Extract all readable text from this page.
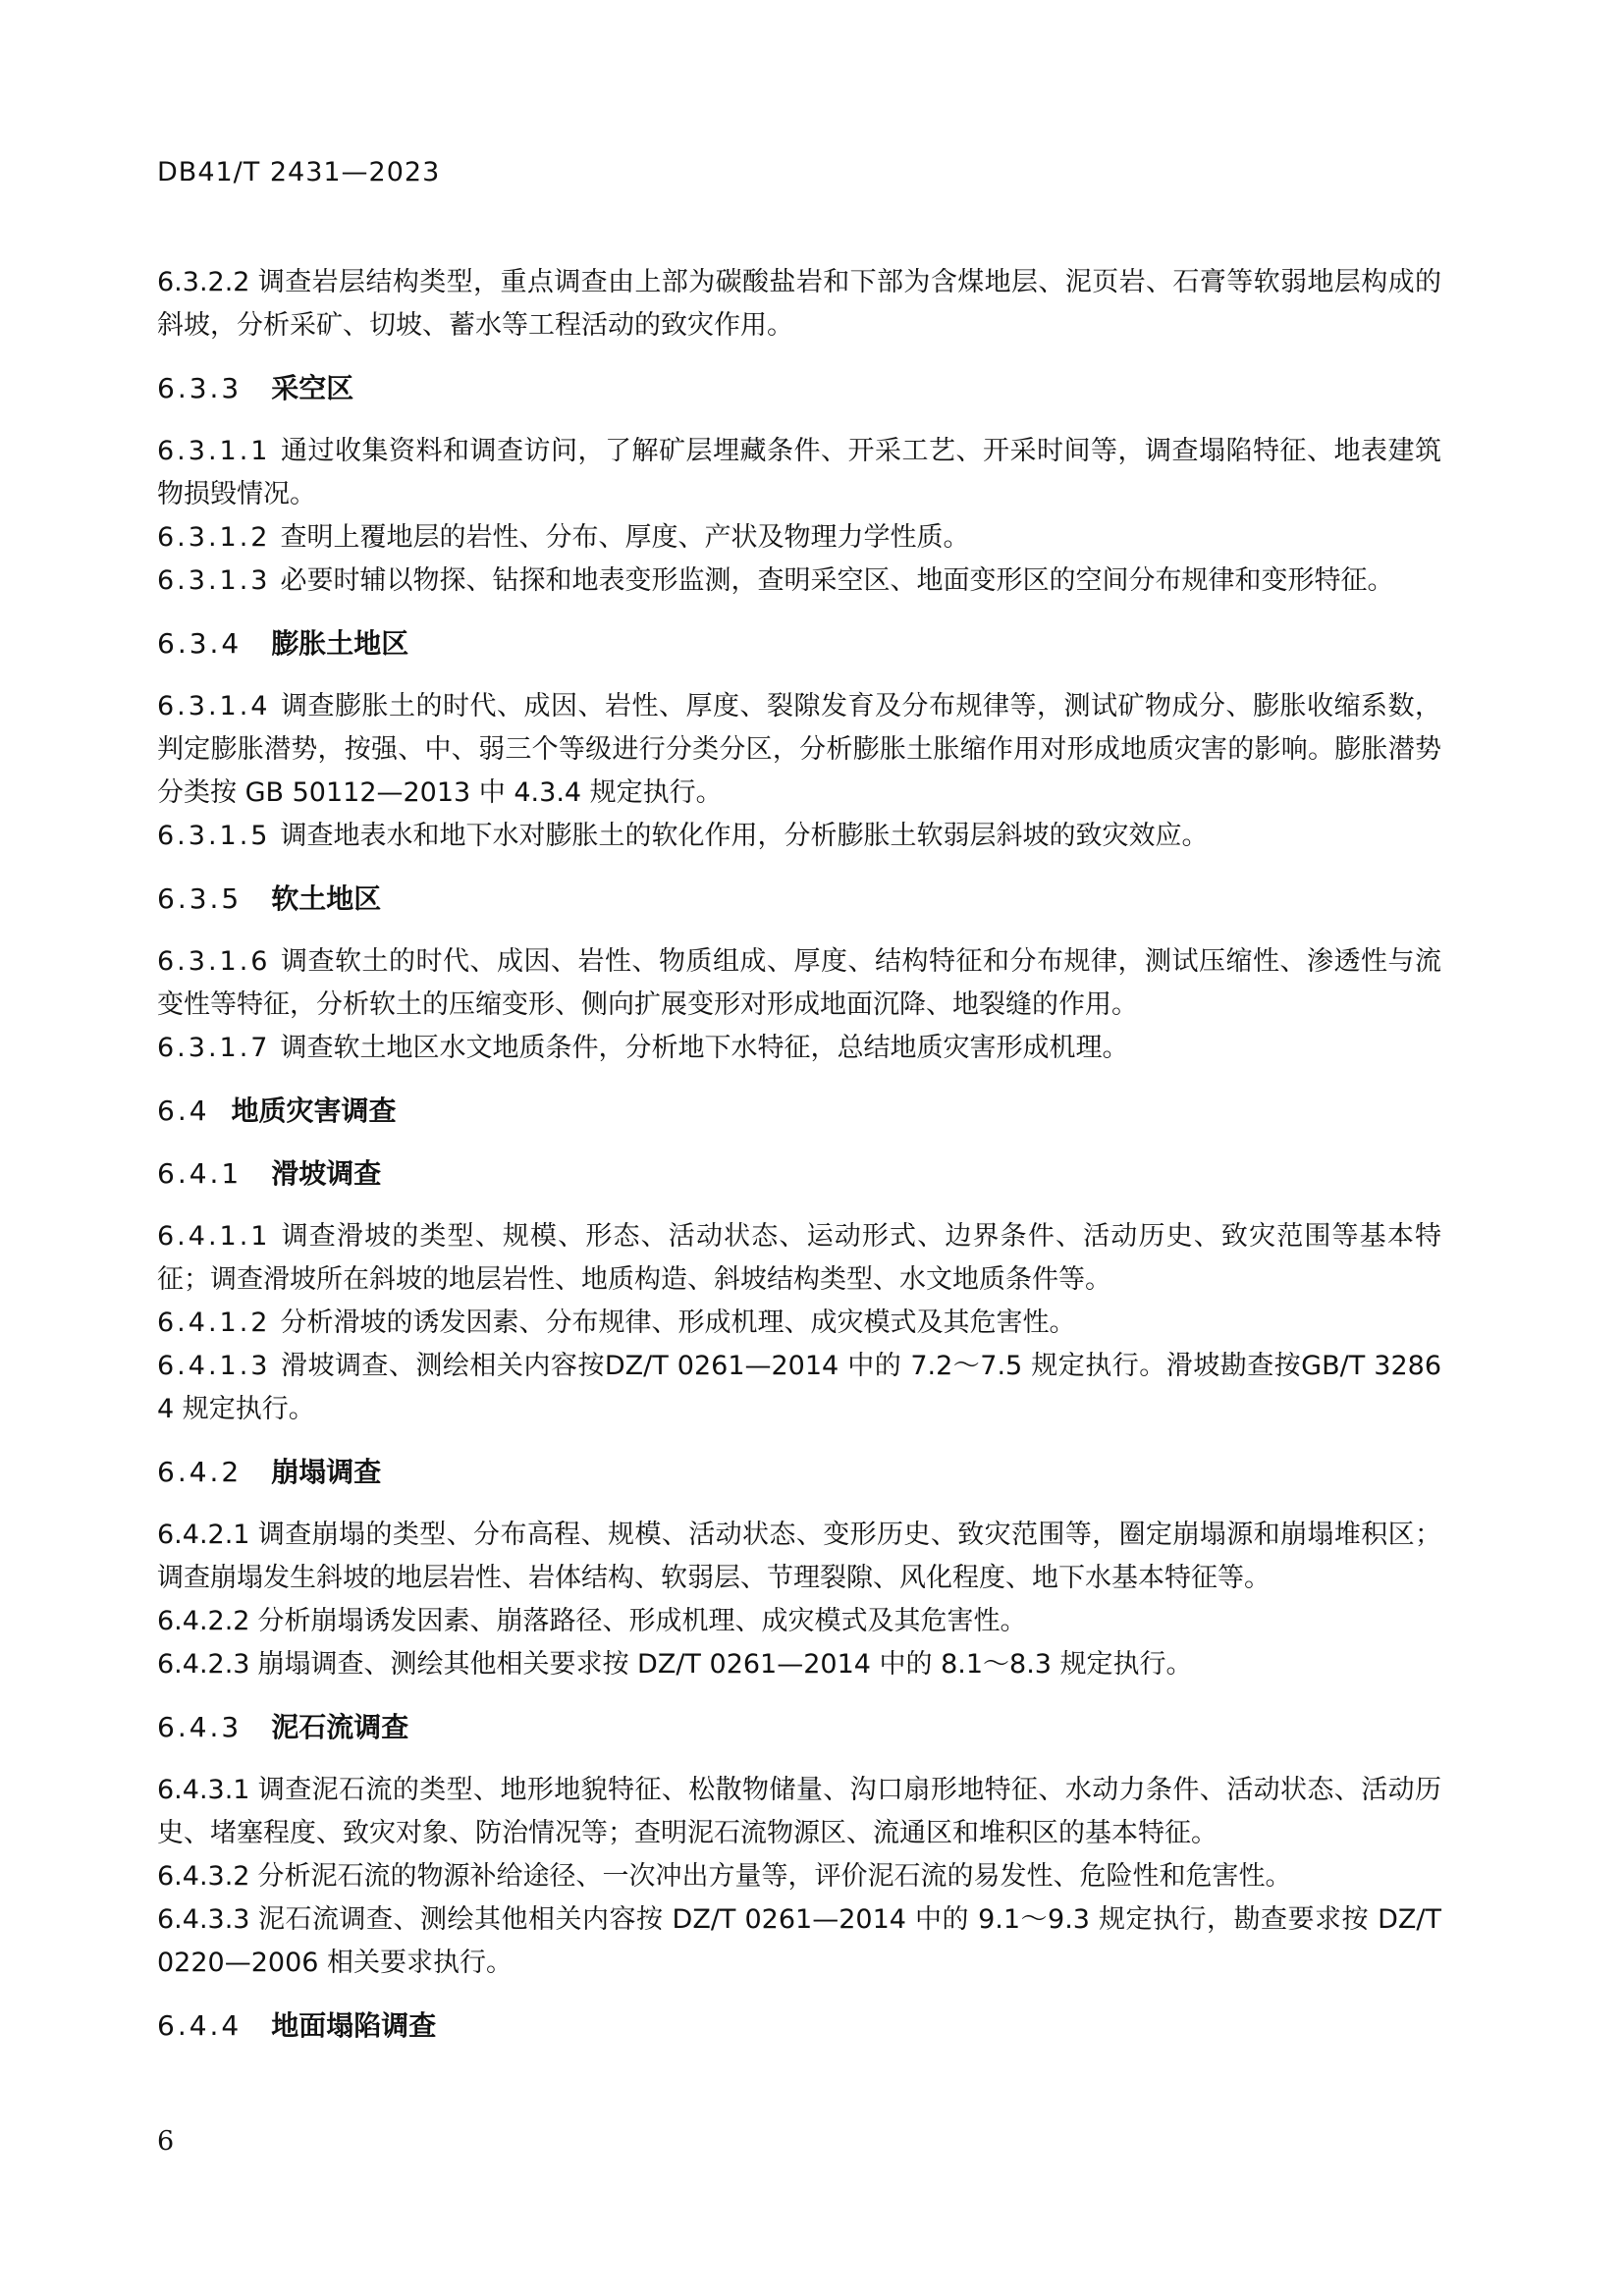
DB41/T 2431—2023
6.3.2.2 调查岩层结构类型，重点调查由上部为碳酸盐岩和下部为含煤地层、泥页岩、石膏等软弱地层构成的斜坡，分析采矿、切坡、蓄水等工程活动的致灾作用。
6.3.3 采空区
6.3.1.1 通过收集资料和调查访问，了解矿层埋藏条件、开采工艺、开采时间等，调查塌陷特征、地表建筑物损毁情况。
6.3.1.2 查明上覆地层的岩性、分布、厚度、产状及物理力学性质。
6.3.1.3 必要时辅以物探、钻探和地表变形监测，查明采空区、地面变形区的空间分布规律和变形特征。
6.3.4 膨胀土地区
6.3.1.4 调查膨胀土的时代、成因、岩性、厚度、裂隙发育及分布规律等，测试矿物成分、膨胀收缩系数，判定膨胀潜势，按强、中、弱三个等级进行分类分区，分析膨胀土胀缩作用对形成地质灾害的影响。膨胀潜势分类按 GB 50112—2013 中 4.3.4 规定执行。
6.3.1.5 调查地表水和地下水对膨胀土的软化作用，分析膨胀土软弱层斜坡的致灾效应。
6.3.5 软土地区
6.3.1.6 调查软土的时代、成因、岩性、物质组成、厚度、结构特征和分布规律，测试压缩性、渗透性与流变性等特征，分析软土的压缩变形、侧向扩展变形对形成地面沉降、地裂缝的作用。
6.3.1.7 调查软土地区水文地质条件，分析地下水特征，总结地质灾害形成机理。
6.4 地质灾害调查
6.4.1 滑坡调查
6.4.1.1 调查滑坡的类型、规模、形态、活动状态、运动形式、边界条件、活动历史、致灾范围等基本特征；调查滑坡所在斜坡的地层岩性、地质构造、斜坡结构类型、水文地质条件等。
6.4.1.2 分析滑坡的诱发因素、分布规律、形成机理、成灾模式及其危害性。
6.4.1.3 滑坡调查、测绘相关内容按DZ/T 0261—2014 中的 7.2～7.5 规定执行。滑坡勘查按GB/T 32864 规定执行。
6.4.2 崩塌调查
6.4.2.1 调查崩塌的类型、分布高程、规模、活动状态、变形历史、致灾范围等，圈定崩塌源和崩塌堆积区；调查崩塌发生斜坡的地层岩性、岩体结构、软弱层、节理裂隙、风化程度、地下水基本特征等。
6.4.2.2 分析崩塌诱发因素、崩落路径、形成机理、成灾模式及其危害性。
6.4.2.3 崩塌调查、测绘其他相关要求按 DZ/T 0261—2014 中的 8.1～8.3 规定执行。
6.4.3 泥石流调查
6.4.3.1 调查泥石流的类型、地形地貌特征、松散物储量、沟口扇形地特征、水动力条件、活动状态、活动历史、堵塞程度、致灾对象、防治情况等；查明泥石流物源区、流通区和堆积区的基本特征。
6.4.3.2 分析泥石流的物源补给途径、一次冲出方量等，评价泥石流的易发性、危险性和危害性。
6.4.3.3 泥石流调查、测绘其他相关内容按 DZ/T 0261—2014 中的 9.1～9.3 规定执行，勘查要求按 DZ/T 0220—2006 相关要求执行。
6.4.4 地面塌陷调查
6
